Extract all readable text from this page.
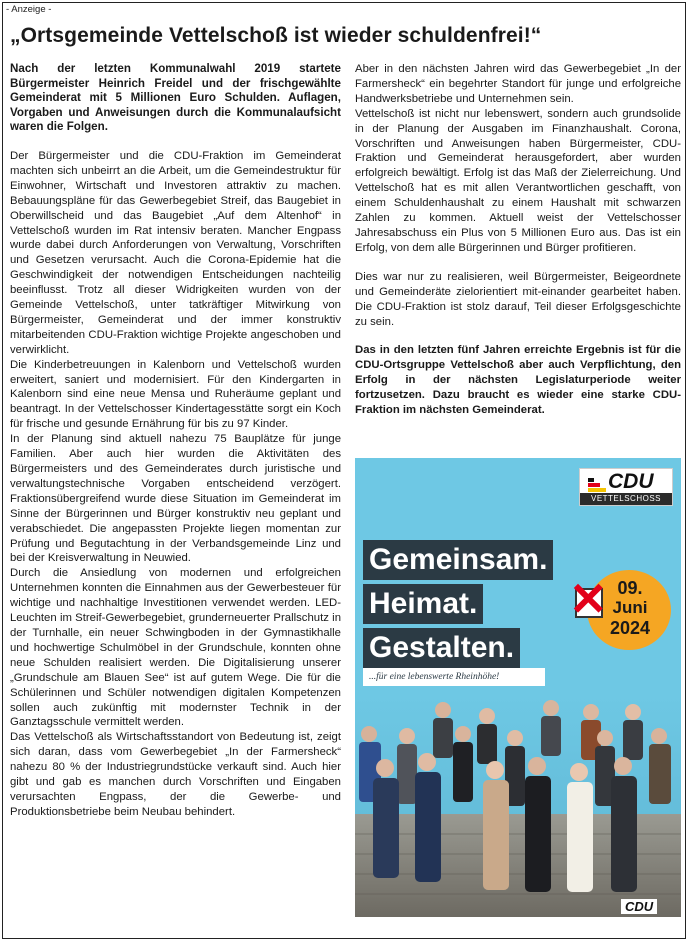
- Anzeige -
„Ortsgemeinde Vettelschoß ist wieder schuldenfrei!“

Nach der letzten Kommunalwahl 2019 startete Bürgermeister Heinrich Freidel und der frischgewählte Gemeinderat mit 5 Millionen Euro Schulden. Auflagen, Vorgaben und Anweisungen durch die Kommunalaufsicht waren die Folgen.

Der Bürgermeister und die CDU-Fraktion im Gemeinderat machten sich unbeirrt an die Arbeit, um die Gemeindestruktur für Einwohner, Wirtschaft und Investoren attraktiv zu machen. Bebauungspläne für das Gewerbegebiet Streif, das Baugebiet in Oberwillscheid und das Baugebiet „Auf dem Altenhof“ in Vettelschoß wurden im Rat intensiv beraten. Mancher Engpass wurde dabei durch Anforderungen von Verwaltung, Vorschriften und Gesetzen verursacht. Auch die Corona-Epidemie hat die Geschwindigkeit der notwendigen Entscheidungen nachteilig beeinflusst. Trotz all dieser Widrigkeiten wurden von der Gemeinde Vettelschoß, unter tatkräftiger Mitwirkung von Bürgermeister, Gemeinderat und der immer konstruktiv mitarbeitenden CDU-Fraktion wichtige Projekte angeschoben und verwirklicht.

Die Kinderbetreuungen in Kalenborn und Vettelschoß wurden erweitert, saniert und modernisiert. Für den Kindergarten in Kalenborn sind eine neue Mensa und Ruheräume geplant und beantragt. In der Vettelschosser Kindertagesstätte sorgt ein Koch für frische und gesunde Ernährung für bis zu 97 Kinder.

In der Planung sind aktuell nahezu 75 Bauplätze für junge Familien. Aber auch hier wurden die Aktivitäten des Bürgermeisters und des Gemeinderates durch juristische und verwaltungstechnische Vorgaben entscheidend verzögert. Fraktionsübergreifend wurde diese Situation im Gemeinderat im Sinne der Bürgerinnen und Bürger konstruktiv neu geplant und verabschiedet. Die angepassten Projekte liegen momentan zur Prüfung und Begutachtung in der Verbandsgemeinde Linz und bei der Kreisverwaltung in Neuwied.

Durch die Ansiedlung von modernen und erfolgreichen Unternehmen konnten die Einnahmen aus der Gewerbesteuer für wichtige und nachhaltige Investitionen verwendet werden. LED-Leuchten im Streif-Gewerbegebiet, grunderneuerter Prallschutz in der Turnhalle, ein neuer Schwingboden in der Gymnastikhalle und hochwertige Schulmöbel in der Grundschule, konnten ohne neue Schulden realisiert werden. Die Digitalisierung unserer „Grundschule am Blauen See“ ist auf gutem Wege. Die für die Schülerinnen und Schüler notwendigen digitalen Kompetenzen sollen auch zukünftig mit modernster Technik in der Ganztagsschule vermittelt werden.

Das Vettelschoß als Wirtschaftsstandort von Bedeutung ist, zeigt sich daran, dass vom Gewerbegebiet „In der Farmersheck“ nahezu 80 % der Industriegrundstücke verkauft sind. Auch hier gibt und gab es manchen durch Vorschriften und Eingaben verursachten Engpass, der die Gewerbe- und Produktionsbetriebe beim Neubau behindert.

Aber in den nächsten Jahren wird das Gewerbegebiet „In der Farmersheck“ ein begehrter Standort für junge und erfolgreiche Handwerksbetriebe und Unternehmen sein.

Vettelschoß ist nicht nur lebenswert, sondern auch grundsolide in der Planung der Ausgaben im Finanzhaushalt. Corona, Vorschriften und Anweisungen haben Bürgermeister, CDU-Fraktion und Gemeinderat herausgefordert, aber wurden erfolgreich bewältigt. Erfolg ist das Maß der Zielerreichung. Und Vettelschoß hat es mit allen Verantwortlichen geschafft, von einem Schuldenhaushalt zu einem Haushalt mit schwarzen Zahlen zu kommen. Aktuell weist der Vettelschosser Jahresabschuss ein Plus von 5 Millionen Euro aus. Das ist ein Erfolg, von dem alle Bürgerinnen und Bürger profitieren.

Dies war nur zu realisieren, weil Bürgermeister, Beigeordnete und Gemeinderäte zielorientiert mit-einander gearbeitet haben. Die CDU-Fraktion ist stolz darauf, Teil dieser Erfolgsgeschichte zu sein.

Das in den letzten fünf Jahren erreichte Ergebnis ist für die CDU-Ortsgruppe Vettelschoß aber auch Verpflichtung, den Erfolg in der nächsten Legislaturperiode weiter fortzusetzen. Dazu braucht es wieder eine starke CDU-Fraktion im nächsten Gemeinderat.

CDU
VETTELSCHOSS
Gemeinsam.
Heimat.
Gestalten.
09.
Juni
2024
✕
...für eine lebenswerte Rheinhöhe!
CDU
